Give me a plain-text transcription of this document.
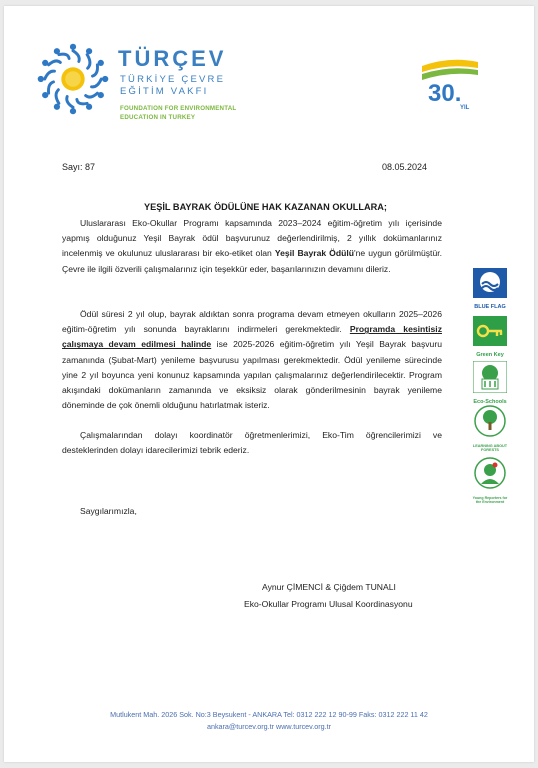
TÜRÇEV
TÜRKİYE ÇEVRE
EĞİTİM VAKFI
FOUNDATION FOR ENVIRONMENTAL
EDUCATION IN TURKEY
30.
YIL
Sayı: 87	08.05.2024
YEŞİL BAYRAK ÖDÜLÜNE HAK KAZANAN OKULLARA;

Uluslararası Eko-Okullar Programı kapsamında 2023–2024 eğitim-öğretim yılı içerisinde yapmış olduğunuz Yeşil Bayrak ödül başvurunuz değerlendirilmiş, 2 yıllık dokümanlarınız incelenmiş ve okulunuz uluslararası bir eko-etiket olan Yeşil Bayrak Ödülü'ne uygun görülmüştür. Çevre ile ilgili özverili çalışmalarınız için teşekkür eder, başarılarınızın devamını dileriz.

Ödül süresi 2 yıl olup, bayrak aldıktan sonra programa devam etmeyen okulların 2025–2026 eğitim-öğretim yılı sonunda bayraklarını indirmeleri gerekmektedir. Programda kesintisiz çalışmaya devam edilmesi halinde ise 2025-2026 eğitim-öğretim yılı Yeşil Bayrak başvuru zamanında (Şubat-Mart) yenileme başvurusu yapılması gerekmektedir. Ödül yenileme sürecinde yine 2 yıl boyunca yeni konunuz kapsamında yapılan çalışmalarınız değerlendirilecektir. Program akışındaki dokümanların zamanında ve eksiksiz olarak gönderilmesinin bayrak yenileme döneminde de çok önemli olduğunu hatırlatmak isteriz.

Çalışmalarından dolayı koordinatör öğretmenlerimizi, Eko-Tim öğrencilerimizi ve desteklerinden dolayı idarecilerimizi tebrik ederiz.

Saygılarımızla,

Aynur ÇİMENCİ & Çiğdem TUNALI
Eko-Okullar Programı Ulusal Koordinasyonu
BLUE FLAG
Green Key
Eco-Schools
LEARNING ABOUT FORESTS
Young Reporters for the Environment
Mutlukent Mah. 2026 Sok. No:3 Beysukent - ANKARA Tel: 0312 222 12 90-99 Faks: 0312 222 11 42
ankara@turcev.org.tr www.turcev.org.tr
